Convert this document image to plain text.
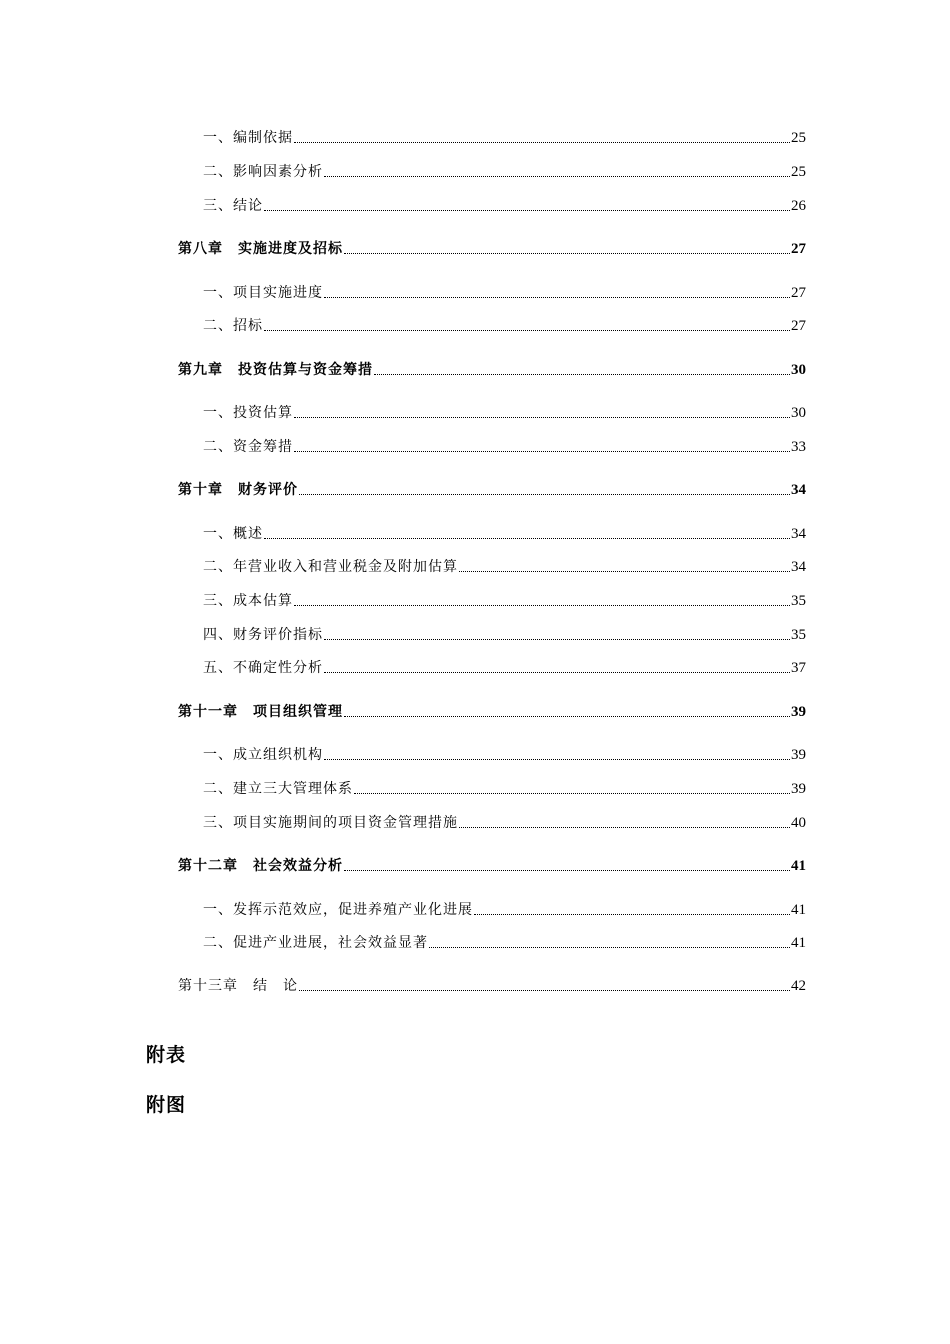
一、编制依据	25
二、影响因素分析	25
三、结论	26
第八章　实施进度及招标	27
一、项目实施进度	27
二、招标	27
第九章　投资估算与资金筹措	30
一、投资估算	30
二、资金筹措	33
第十章　财务评价	34
一、概述	34
二、年营业收入和营业税金及附加估算	34
三、成本估算	35
四、财务评价指标	35
五、不确定性分析	37
第十一章　项目组织管理	39
一、成立组织机构	39
二、建立三大管理体系	39
三、项目实施期间的项目资金管理措施	40
第十二章　社会效益分析	41
一、发挥示范效应，促进养殖产业化进展	41
二、促进产业进展，社会效益显著	41
第十三章　结　论	42
附表
附图
